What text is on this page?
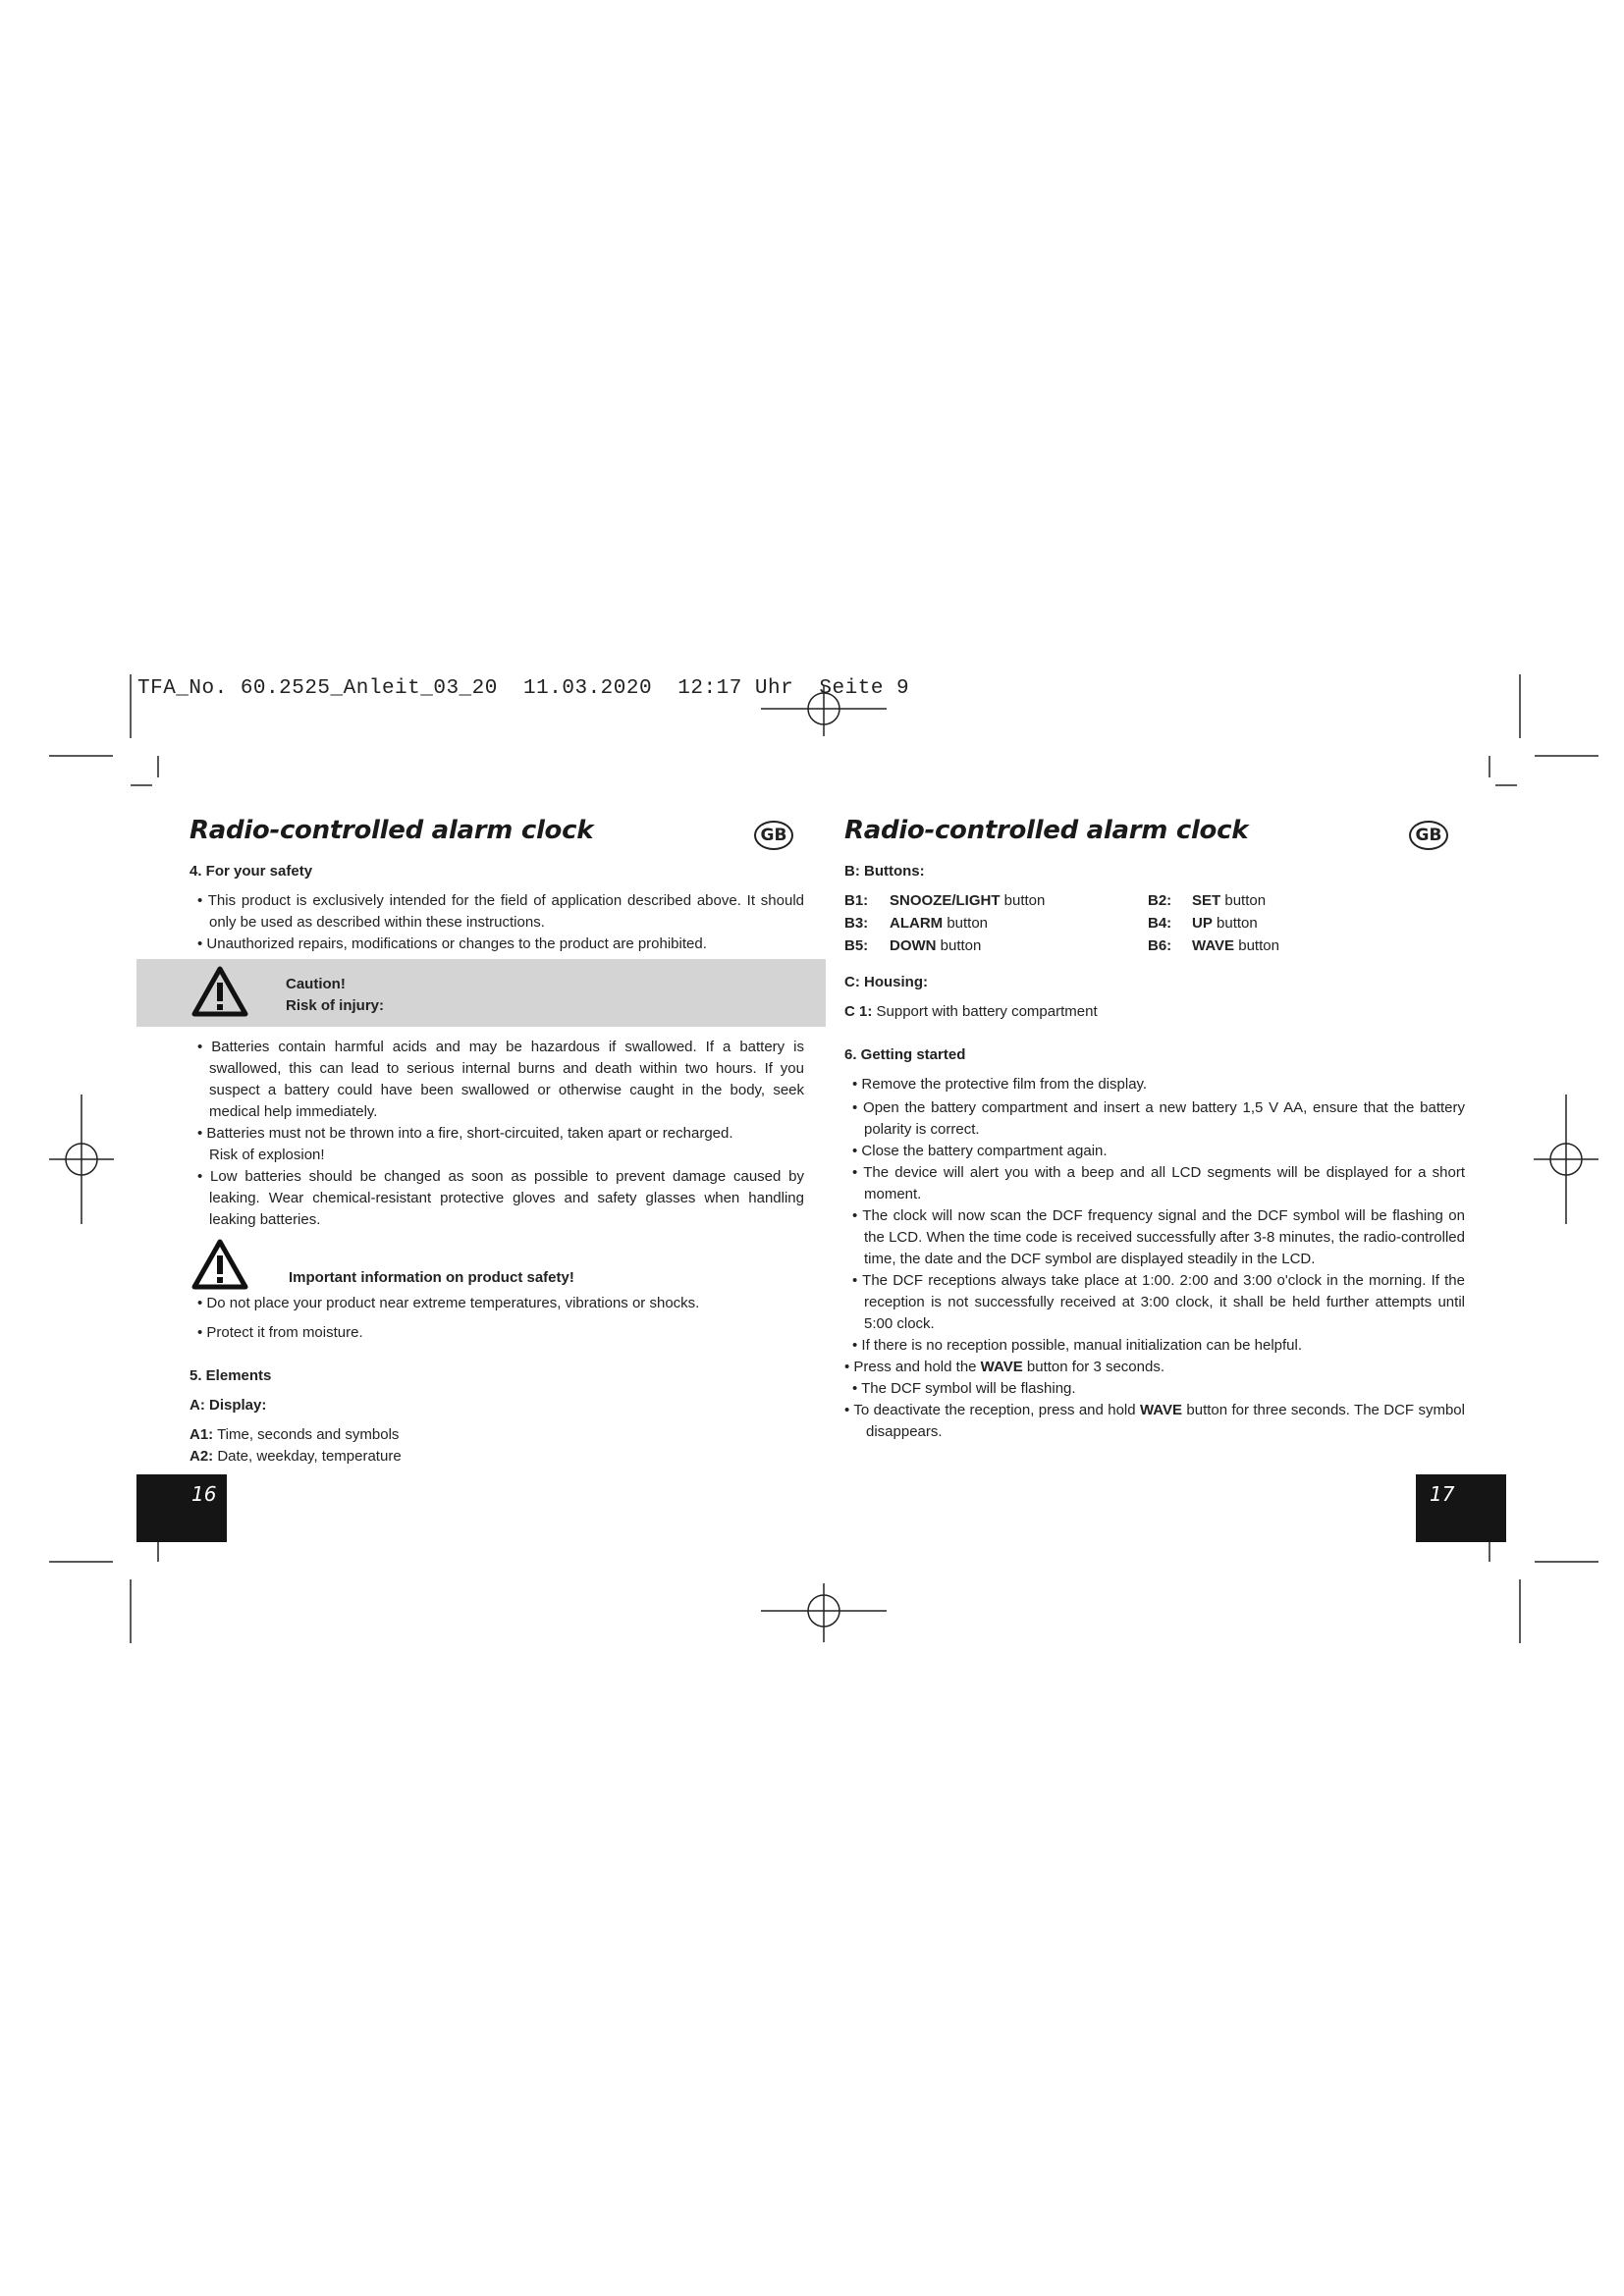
TFA_No. 60.2525_Anleit_03_20  11.03.2020  12:17 Uhr  Seite 9
Radio-controlled alarm clock	GB
4. For your safety

• This product is exclusively intended for the field of application described above. It should only be used as described within these instructions.

• Unauthorized repairs, modifications or changes to the product are prohibited.

Caution!
Risk of injury:

• Batteries contain harmful acids and may be hazardous if swallowed. If a battery is swallowed, this can lead to serious internal burns and death within two hours. If you suspect a battery could have been swallowed or otherwise caught in the body, seek medical help immediately.

• Batteries must not be thrown into a fire, short-circuited, taken apart or recharged.

Risk of explosion!

• Low batteries should be changed as soon as possible to prevent damage caused by leaking. Wear chemical-resistant protective gloves and safety glasses when handling leaking batteries.

Important information on product safety!

• Do not place your product near extreme temperatures, vibrations or shocks.

• Protect it from moisture.

5. Elements
A: Display:
A1: Time, seconds and symbols
A2: Date, weekday, temperature
16
Radio-controlled alarm clock	GB
B: Buttons:
B1:	SNOOZE/LIGHT button	B2:	SET button
B3:	ALARM button	B4:	UP button
B5:	DOWN button	B6:	WAVE button
C: Housing:
C 1: Support with battery compartment
6. Getting started

• Remove the protective film from the display.

• Open the battery compartment and insert a new battery 1,5 V AA, ensure that the battery polarity is correct.

• Close the battery compartment again.

• The device will alert you with a beep and all LCD segments will be displayed for a short moment.

• The clock will now scan the DCF frequency signal and the DCF symbol will be flashing on the LCD. When the time code is received successfully after 3-8 minutes, the radio-controlled time, the date and the DCF symbol are displayed steadily in the LCD.

• The DCF receptions always take place at 1:00. 2:00 and 3:00 o'clock in the morning. If the reception is not successfully received at 3:00 clock, it shall be held further attempts until 5:00 clock.

• If there is no reception possible, manual initialization can be helpful.

• Press and hold the WAVE button for 3 seconds.

• The DCF symbol will be flashing.

• To deactivate the reception, press and hold WAVE button for three seconds. The DCF symbol disappears.

17
